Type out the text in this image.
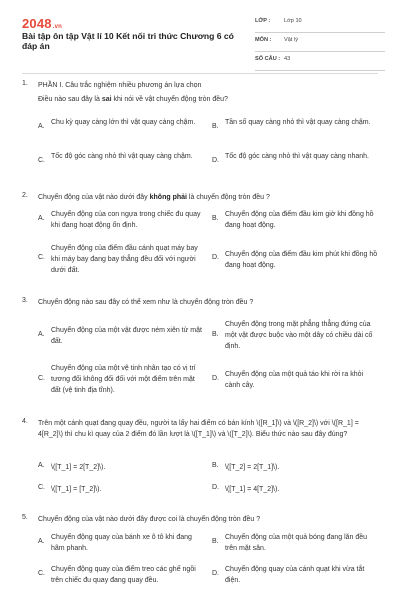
2048.vn
Bài tập ôn tập Vật lí 10 Kết nối tri thức Chương 6 có đáp án
LỚP : Lớp 10
MÔN : Vật lý
SỐ CÂU : 43
1. PHẦN I. Câu trắc nghiệm nhiều phương án lựa chọn
Điều nào sau đây là sai khi nói về vật chuyển động tròn đều?
A.
Chu kỳ quay càng lớn thì vật quay càng chậm.
B.
Tần số quay càng nhỏ thì vật quay càng chậm.
C.
Tốc độ góc càng nhỏ thì vật quay càng chậm.
D.
Tốc độ góc càng nhỏ thì vật quay càng nhanh.
2. Chuyển động của vật nào dưới đây không phải là chuyển động tròn đều ?
A.
Chuyển động của con ngựa trong chiếc đu quay khi đang hoạt động ổn định.
B.
Chuyển động của điểm đầu kim giờ khi đồng hồ đang hoạt động.
C.
Chuyển động của điểm đầu cánh quạt máy bay khi máy bay đang bay thẳng đều đối với người dưới đất.
D. Chuyển động của điểm đầu kim phút khi đồng hồ đang hoạt động.
3. Chuyển động nào sau đây có thể xem như là chuyển động tròn đều ?
A.
Chuyển động của một vật được ném xiên từ mặt đất.
B.
Chuyển động trong mặt phẳng thẳng đứng của một vật được buộc vào một dây có chiều dài cố định.
C.
Chuyển động của một vệ tinh nhân tạo có vị trí tương đối không đổi đối với một điểm trên mặt đất (vệ tinh địa tĩnh).
D.
Chuyển động của một quả táo khi rời ra khỏi cành cây.
4. Trên một cánh quạt đang quay đều, người ta lấy hai điểm có bán kính \([R_1]\) và \([R_2]\) với \([R_1] = 4[R_2]\) thì chu kì quay của 2 điểm đó lần lượt là \([T_1]\) và \([T_2]\). Biểu thức nào sau đây đúng?
A. \([T_1] = 2[T_2]\).	B. \([T_2] = 2[T_1]\).
C. \([T_1] = [T_2]\).	D. \([T_1] = 4[T_2]\).
5. Chuyển động của vật nào dưới đây được coi là chuyển động tròn đều ?
A.
Chuyển động quay của bánh xe ô tô khi đang hãm phanh.
B.
Chuyển động của một quả bóng đang lăn đều trên mặt sân.
C.
Chuyển động quay của điểm treo các ghế ngồi trên chiếc đu quay đang quay đều.
D.
Chuyển động quay của cánh quạt khi vừa tắt điện.
